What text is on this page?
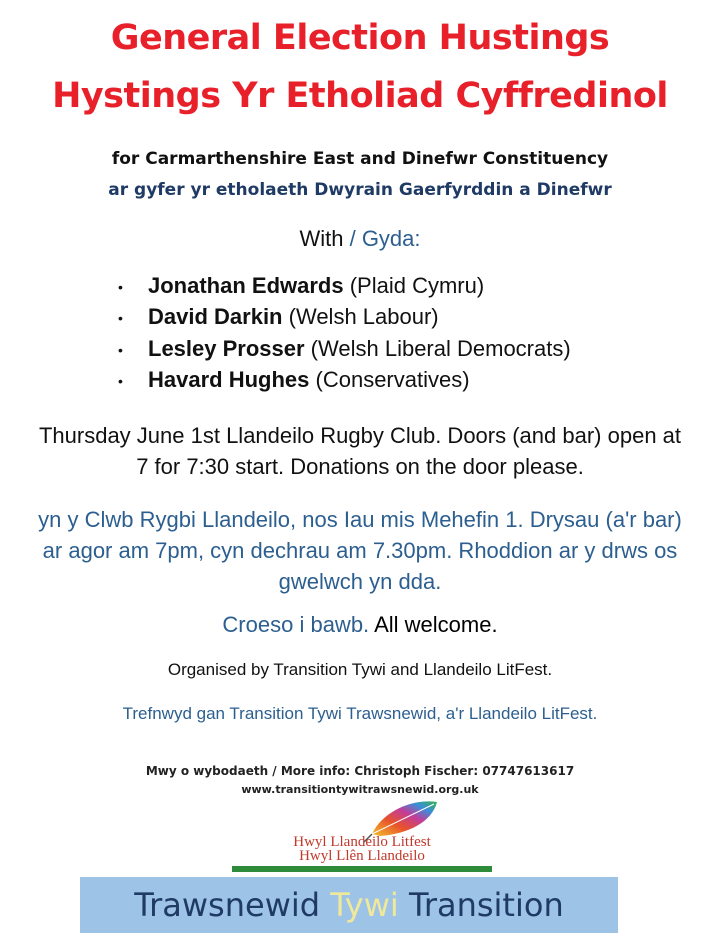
General Election Hustings
Hystings Yr Etholiad Cyffredinol
for Carmarthenshire East and Dinefwr Constituency
ar gyfer yr etholaeth Dwyrain Gaerfyrddin a Dinefwr
With / Gyda:
• Jonathan Edwards (Plaid Cymru)
• David Darkin (Welsh Labour)
• Lesley Prosser (Welsh Liberal Democrats)
• Havard Hughes (Conservatives)
Thursday June 1st Llandeilo Rugby Club. Doors (and bar) open at 7 for 7:30 start. Donations on the door please.
yn y Clwb Rygbi Llandeilo, nos Iau mis Mehefin 1. Drysau (a'r bar) ar agor am 7pm, cyn dechrau am 7.30pm. Rhoddion ar y drws os gwelwch yn dda.
Croeso i bawb. All welcome.
Organised by Transition Tywi and Llandeilo LitFest.
Trefnwyd gan Transition Tywi Trawsnewid, a'r Llandeilo LitFest.
Mwy o wybodaeth / More info: Christoph Fischer: 07747613617
www.transitiontywitrawsnewid.org.uk
Hwyl Llandeilo Litfest
Hwyl Llên Llandeilo
Trawsnewid Tywi Transition
